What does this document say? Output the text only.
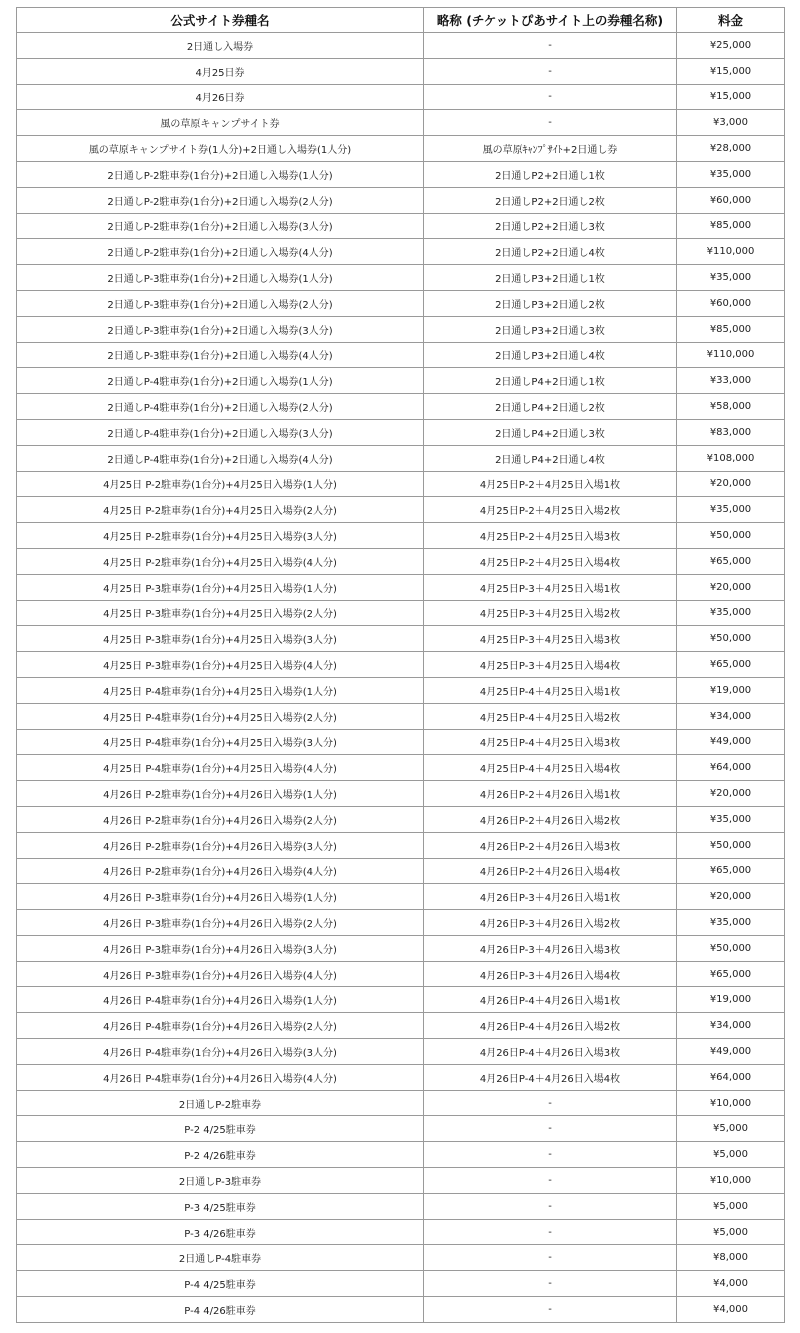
公式サイト券種名	略称 (チケットぴあサイト上の券種名称)	料金
2日通し入場券	-	¥25,000
4月25日券	-	¥15,000
4月26日券	-	¥15,000
風の草原キャンプサイト券	-	¥3,000
風の草原キャンプサイト券(1人分)+2日通し入場券(1人分)	風の草原ｷｬﾝﾌﾟｻｲﾄ+2日通し券	¥28,000
2日通しP-2駐車券(1台分)+2日通し入場券(1人分)	2日通しP2+2日通し1枚	¥35,000
2日通しP-2駐車券(1台分)+2日通し入場券(2人分)	2日通しP2+2日通し2枚	¥60,000
2日通しP-2駐車券(1台分)+2日通し入場券(3人分)	2日通しP2+2日通し3枚	¥85,000
2日通しP-2駐車券(1台分)+2日通し入場券(4人分)	2日通しP2+2日通し4枚	¥110,000
2日通しP-3駐車券(1台分)+2日通し入場券(1人分)	2日通しP3+2日通し1枚	¥35,000
2日通しP-3駐車券(1台分)+2日通し入場券(2人分)	2日通しP3+2日通し2枚	¥60,000
2日通しP-3駐車券(1台分)+2日通し入場券(3人分)	2日通しP3+2日通し3枚	¥85,000
2日通しP-3駐車券(1台分)+2日通し入場券(4人分)	2日通しP3+2日通し4枚	¥110,000
2日通しP-4駐車券(1台分)+2日通し入場券(1人分)	2日通しP4+2日通し1枚	¥33,000
2日通しP-4駐車券(1台分)+2日通し入場券(2人分)	2日通しP4+2日通し2枚	¥58,000
2日通しP-4駐車券(1台分)+2日通し入場券(3人分)	2日通しP4+2日通し3枚	¥83,000
2日通しP-4駐車券(1台分)+2日通し入場券(4人分)	2日通しP4+2日通し4枚	¥108,000
4月25日 P-2駐車券(1台分)+4月25日入場券(1人分)	4月25日P-2＋4月25日入場1枚	¥20,000
4月25日 P-2駐車券(1台分)+4月25日入場券(2人分)	4月25日P-2＋4月25日入場2枚	¥35,000
4月25日 P-2駐車券(1台分)+4月25日入場券(3人分)	4月25日P-2＋4月25日入場3枚	¥50,000
4月25日 P-2駐車券(1台分)+4月25日入場券(4人分)	4月25日P-2＋4月25日入場4枚	¥65,000
4月25日 P-3駐車券(1台分)+4月25日入場券(1人分)	4月25日P-3＋4月25日入場1枚	¥20,000
4月25日 P-3駐車券(1台分)+4月25日入場券(2人分)	4月25日P-3＋4月25日入場2枚	¥35,000
4月25日 P-3駐車券(1台分)+4月25日入場券(3人分)	4月25日P-3＋4月25日入場3枚	¥50,000
4月25日 P-3駐車券(1台分)+4月25日入場券(4人分)	4月25日P-3＋4月25日入場4枚	¥65,000
4月25日 P-4駐車券(1台分)+4月25日入場券(1人分)	4月25日P-4＋4月25日入場1枚	¥19,000
4月25日 P-4駐車券(1台分)+4月25日入場券(2人分)	4月25日P-4＋4月25日入場2枚	¥34,000
4月25日 P-4駐車券(1台分)+4月25日入場券(3人分)	4月25日P-4＋4月25日入場3枚	¥49,000
4月25日 P-4駐車券(1台分)+4月25日入場券(4人分)	4月25日P-4＋4月25日入場4枚	¥64,000
4月26日 P-2駐車券(1台分)+4月26日入場券(1人分)	4月26日P-2＋4月26日入場1枚	¥20,000
4月26日 P-2駐車券(1台分)+4月26日入場券(2人分)	4月26日P-2＋4月26日入場2枚	¥35,000
4月26日 P-2駐車券(1台分)+4月26日入場券(3人分)	4月26日P-2＋4月26日入場3枚	¥50,000
4月26日 P-2駐車券(1台分)+4月26日入場券(4人分)	4月26日P-2＋4月26日入場4枚	¥65,000
4月26日 P-3駐車券(1台分)+4月26日入場券(1人分)	4月26日P-3＋4月26日入場1枚	¥20,000
4月26日 P-3駐車券(1台分)+4月26日入場券(2人分)	4月26日P-3＋4月26日入場2枚	¥35,000
4月26日 P-3駐車券(1台分)+4月26日入場券(3人分)	4月26日P-3＋4月26日入場3枚	¥50,000
4月26日 P-3駐車券(1台分)+4月26日入場券(4人分)	4月26日P-3＋4月26日入場4枚	¥65,000
4月26日 P-4駐車券(1台分)+4月26日入場券(1人分)	4月26日P-4＋4月26日入場1枚	¥19,000
4月26日 P-4駐車券(1台分)+4月26日入場券(2人分)	4月26日P-4＋4月26日入場2枚	¥34,000
4月26日 P-4駐車券(1台分)+4月26日入場券(3人分)	4月26日P-4＋4月26日入場3枚	¥49,000
4月26日 P-4駐車券(1台分)+4月26日入場券(4人分)	4月26日P-4＋4月26日入場4枚	¥64,000
2日通しP-2駐車券	-	¥10,000
P-2 4/25駐車券	-	¥5,000
P-2 4/26駐車券	-	¥5,000
2日通しP-3駐車券	-	¥10,000
P-3 4/25駐車券	-	¥5,000
P-3 4/26駐車券	-	¥5,000
2日通しP-4駐車券	-	¥8,000
P-4 4/25駐車券	-	¥4,000
P-4 4/26駐車券	-	¥4,000
